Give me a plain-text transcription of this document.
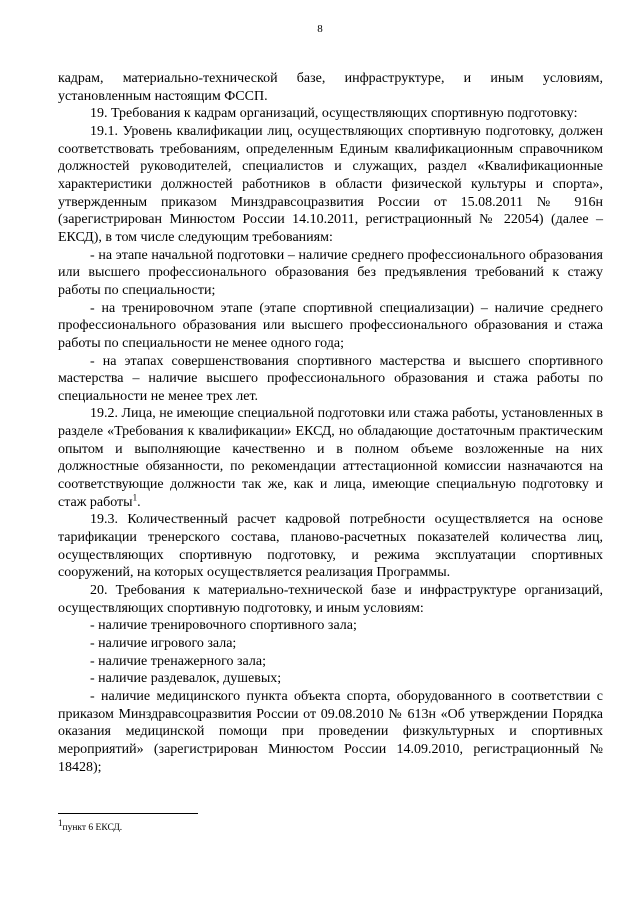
8

кадрам, материально-технической базе, инфраструктуре, и иным условиям, установленным настоящим ФССП.

19. Требования к кадрам организаций, осуществляющих спортивную подготовку:

19.1. Уровень квалификации лиц, осуществляющих спортивную подготовку, должен соответствовать требованиям, определенным Единым квалификационным справочником должностей руководителей, специалистов и служащих, раздел «Квалификационные характеристики должностей работников в области физической культуры и спорта», утвержденным приказом Минздравсоцразвития России от 15.08.2011 № 916н (зарегистрирован Минюстом России 14.10.2011, регистрационный № 22054) (далее – ЕКСД), в том числе следующим требованиям:

- на этапе начальной подготовки – наличие среднего профессионального образования или высшего профессионального образования без предъявления требований к стажу работы по специальности;

- на тренировочном этапе (этапе спортивной специализации) – наличие среднего профессионального образования или высшего профессионального образования и стажа работы по специальности не менее одного года;

- на этапах совершенствования спортивного мастерства и высшего спортивного мастерства – наличие высшего профессионального образования и стажа работы по специальности не менее трех лет.

19.2. Лица, не имеющие специальной подготовки или стажа работы, установленных в разделе «Требования к квалификации» ЕКСД, но обладающие достаточным практическим опытом и выполняющие качественно и в полном объеме возложенные на них должностные обязанности, по рекомендации аттестационной комиссии назначаются на соответствующие должности так же, как и лица, имеющие специальную подготовку и стаж работы$^1$.

19.3. Количественный расчет кадровой потребности осуществляется на основе тарификации тренерского состава, планово-расчетных показателей количества лиц, осуществляющих спортивную подготовку, и режима эксплуатации спортивных сооружений, на которых осуществляется реализация Программы.

20. Требования к материально-технической базе и инфраструктуре организаций, осуществляющих спортивную подготовку, и иным условиям:

- наличие тренировочного спортивного зала;

- наличие игрового зала;

- наличие тренажерного зала;

- наличие раздевалок, душевых;

- наличие медицинского пункта объекта спорта, оборудованного в соответствии с приказом Минздравсоцразвития России от 09.08.2010 № 613н «Об утверждении Порядка оказания медицинской помощи при проведении физкультурных и спортивных мероприятий» (зарегистрирован Минюстом России 14.09.2010, регистрационный № 18428);

$^1$пункт 6 ЕКСД.
